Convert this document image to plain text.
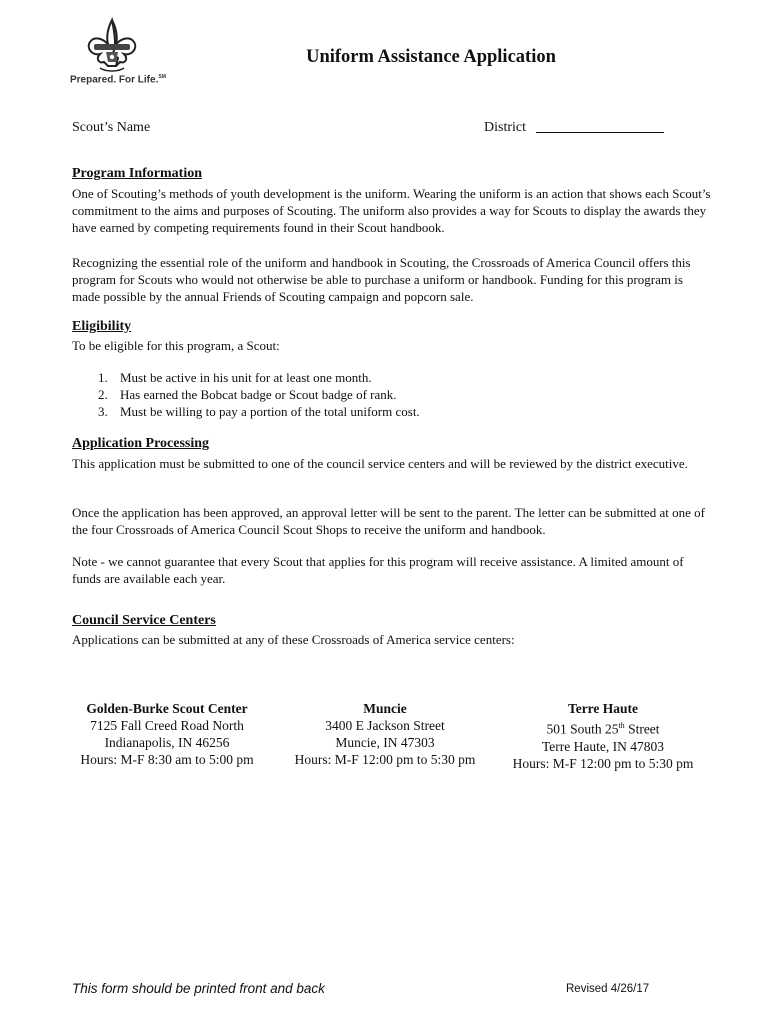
Prepared. For Life.℠
Uniform Assistance Application
Scout’s Name	District
Program Information
One of Scouting’s methods of youth development is the uniform. Wearing the uniform is an action that shows each Scout’s commitment to the aims and purposes of Scouting. The uniform also provides a way for Scouts to display the awards they have earned by competing requirements found in their Scout handbook.
Recognizing the essential role of the uniform and handbook in Scouting, the Crossroads of America Council offers this program for Scouts who would not otherwise be able to purchase a uniform or handbook. Funding for this program is made possible by the annual Friends of Scouting campaign and popcorn sale.
Eligibility
To be eligible for this program, a Scout:
1. Must be active in his unit for at least one month.
2. Has earned the Bobcat badge or Scout badge of rank.
3. Must be willing to pay a portion of the total uniform cost.
Application Processing
This application must be submitted to one of the council service centers and will be reviewed by the district executive.
Once the application has been approved, an approval letter will be sent to the parent. The letter can be submitted at one of the four Crossroads of America Council Scout Shops to receive the uniform and handbook.
Note - we cannot guarantee that every Scout that applies for this program will receive assistance. A limited amount of funds are available each year.
Council Service Centers
Applications can be submitted at any of these Crossroads of America service centers:
Golden-Burke Scout Center
7125 Fall Creed Road North
Indianapolis, IN 46256
Hours: M-F 8:30 am to 5:00 pm
Muncie
3400 E Jackson Street
Muncie, IN 47303
Hours: M-F 12:00 pm to 5:30 pm
Terre Haute
501 South 25th Street
Terre Haute, IN 47803
Hours: M-F 12:00 pm to 5:30 pm
This form should be printed front and back	Revised 4/26/17
